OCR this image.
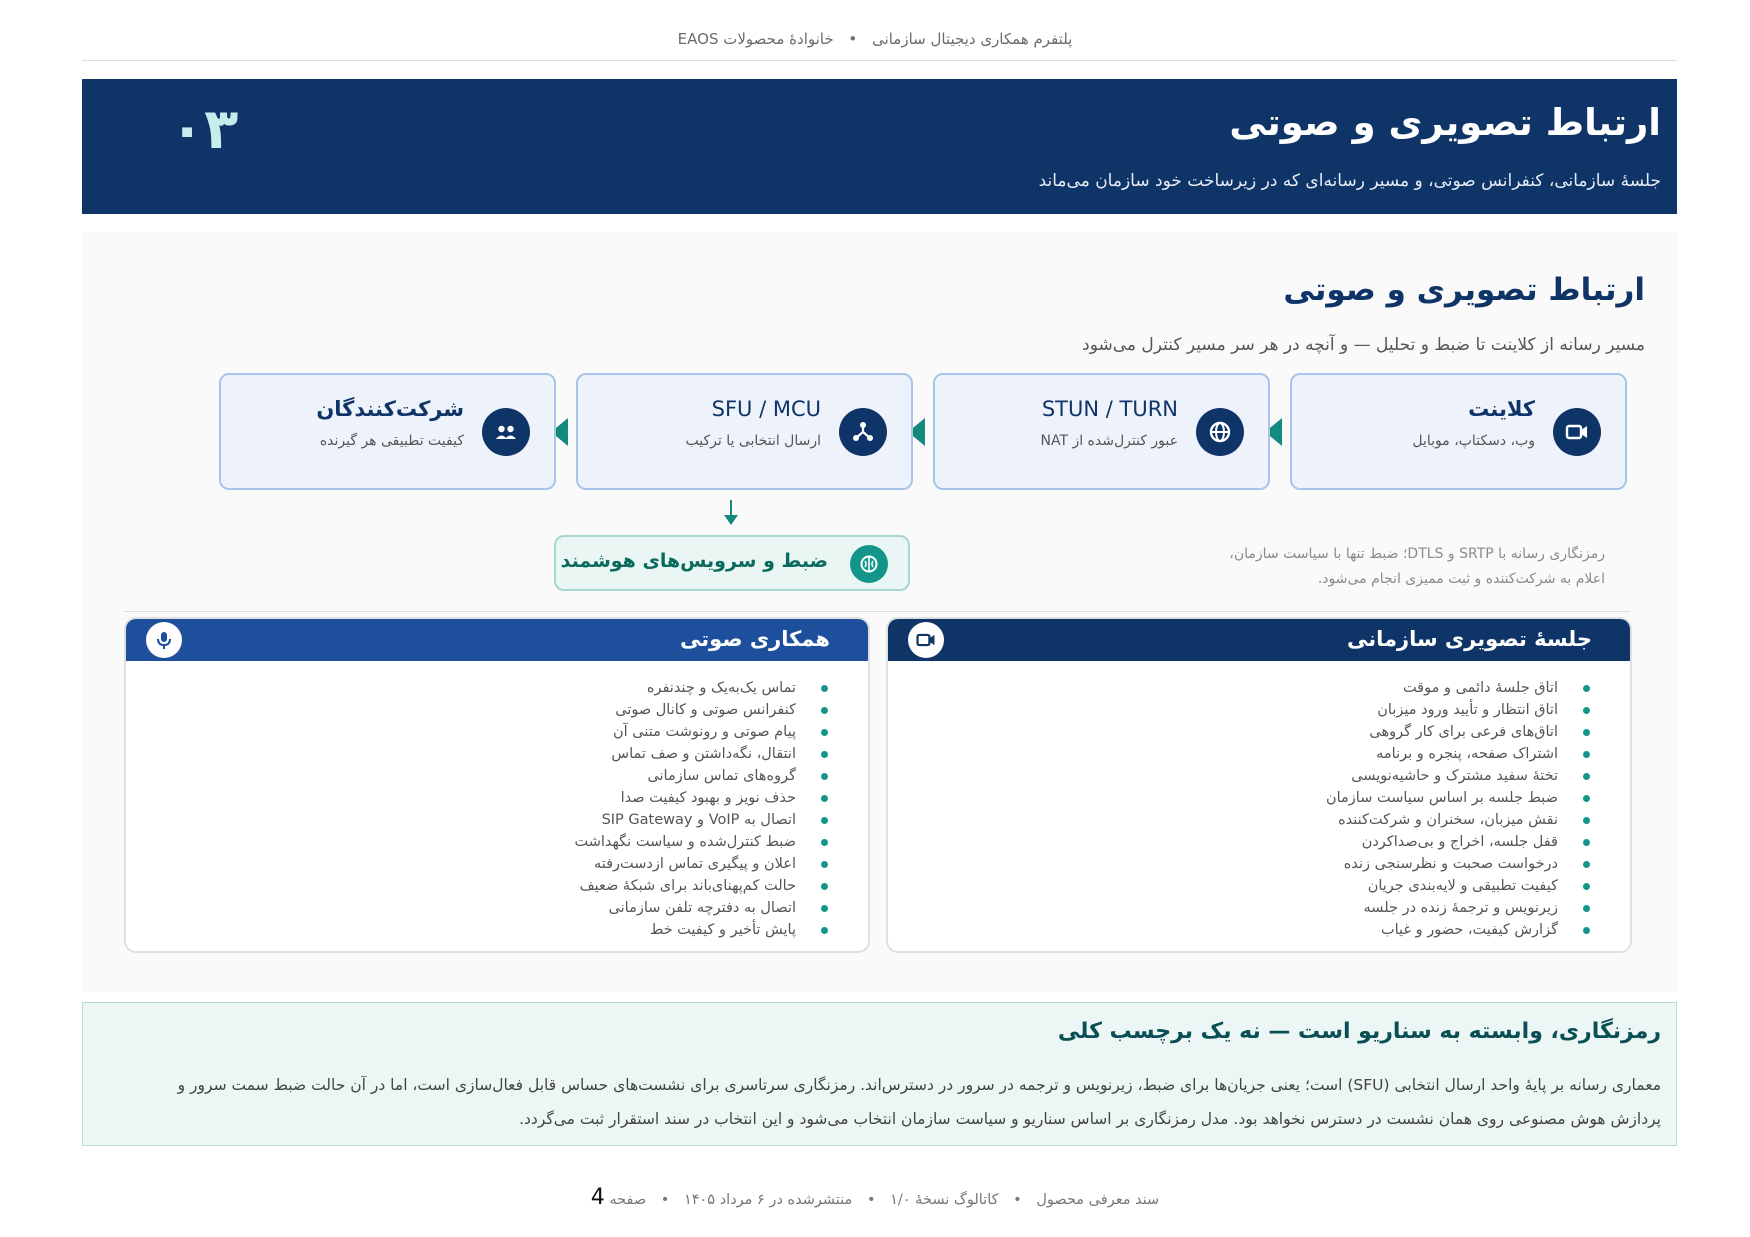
پلتفرم همکاری دیجیتال سازمانی • خانوادهٔ محصولات EAOS
ارتباط تصویری و صوتی
جلسهٔ سازمانی، کنفرانس صوتی، و مسیر رسانه‌ای که در زیرساخت خود سازمان می‌ماند
۰۳
ارتباط تصویری و صوتی
مسیر رسانه از کلاینت تا ضبط و تحلیل — و آنچه در هر سر مسیر کنترل می‌شود
کلاینت
وب، دسکتاپ، موبایل
STUN / TURN
عبور کنترل‌شده از NAT
SFU / MCU
ارسال انتخابی یا ترکیب
شرکت‌کنندگان
کیفیت تطبیقی هر گیرنده
ضبط و سرویس‌های هوشمند	رمزنگاری رسانه با SRTP و DTLS؛ ضبط تنها با سیاست سازمان،
اعلام به شرکت‌کننده و ثبت ممیزی انجام می‌شود.
جلسهٔ تصویری سازمانی
اتاق جلسهٔ دائمی و موقت
اتاق انتظار و تأیید ورود میزبان
اتاق‌های فرعی برای کار گروهی
اشتراک صفحه، پنجره و برنامه
تختهٔ سفید مشترک و حاشیه‌نویسی
ضبط جلسه بر اساس سیاست سازمان
نقش میزبان، سخنران و شرکت‌کننده
قفل جلسه، اخراج و بی‌صداکردن
درخواست صحبت و نظرسنجی زنده
کیفیت تطبیقی و لایه‌بندی جریان
زیرنویس و ترجمهٔ زنده در جلسه
گزارش کیفیت، حضور و غیاب
همکاری صوتی
تماس یک‌به‌یک و چندنفره
کنفرانس صوتی و کانال صوتی
پیام صوتی و رونوشت متنی آن
انتقال، نگه‌داشتن و صف تماس
گروه‌های تماس سازمانی
حذف نویز و بهبود کیفیت صدا
اتصال به VoIP و SIP Gateway
ضبط کنترل‌شده و سیاست نگهداشت
اعلان و پیگیری تماس ازدست‌رفته
حالت کم‌پهنای‌باند برای شبکهٔ ضعیف
اتصال به دفترچه تلفن سازمانی
پایش تأخیر و کیفیت خط
رمزنگاری، وابسته به سناریو است — نه یک برچسب کلی
معماری رسانه بر پایهٔ واحد ارسال انتخابی (SFU) است؛ یعنی جریان‌ها برای ضبط، زیرنویس و ترجمه در سرور در دسترس‌اند. رمزنگاری سرتاسری برای نشست‌های حساس قابل فعال‌سازی است، اما در آن حالت ضبط سمت سرور و پردازش هوش مصنوعی روی همان نشست در دسترس نخواهد بود. مدل رمزنگاری بر اساس سناریو و سیاست سازمان انتخاب می‌شود و این انتخاب در سند استقرار ثبت می‌گردد.
سند معرفی محصول • کاتالوگ نسخهٔ ۱/۰ • منتشرشده در ۶ مرداد ۱۴۰۵ • صفحه 4
